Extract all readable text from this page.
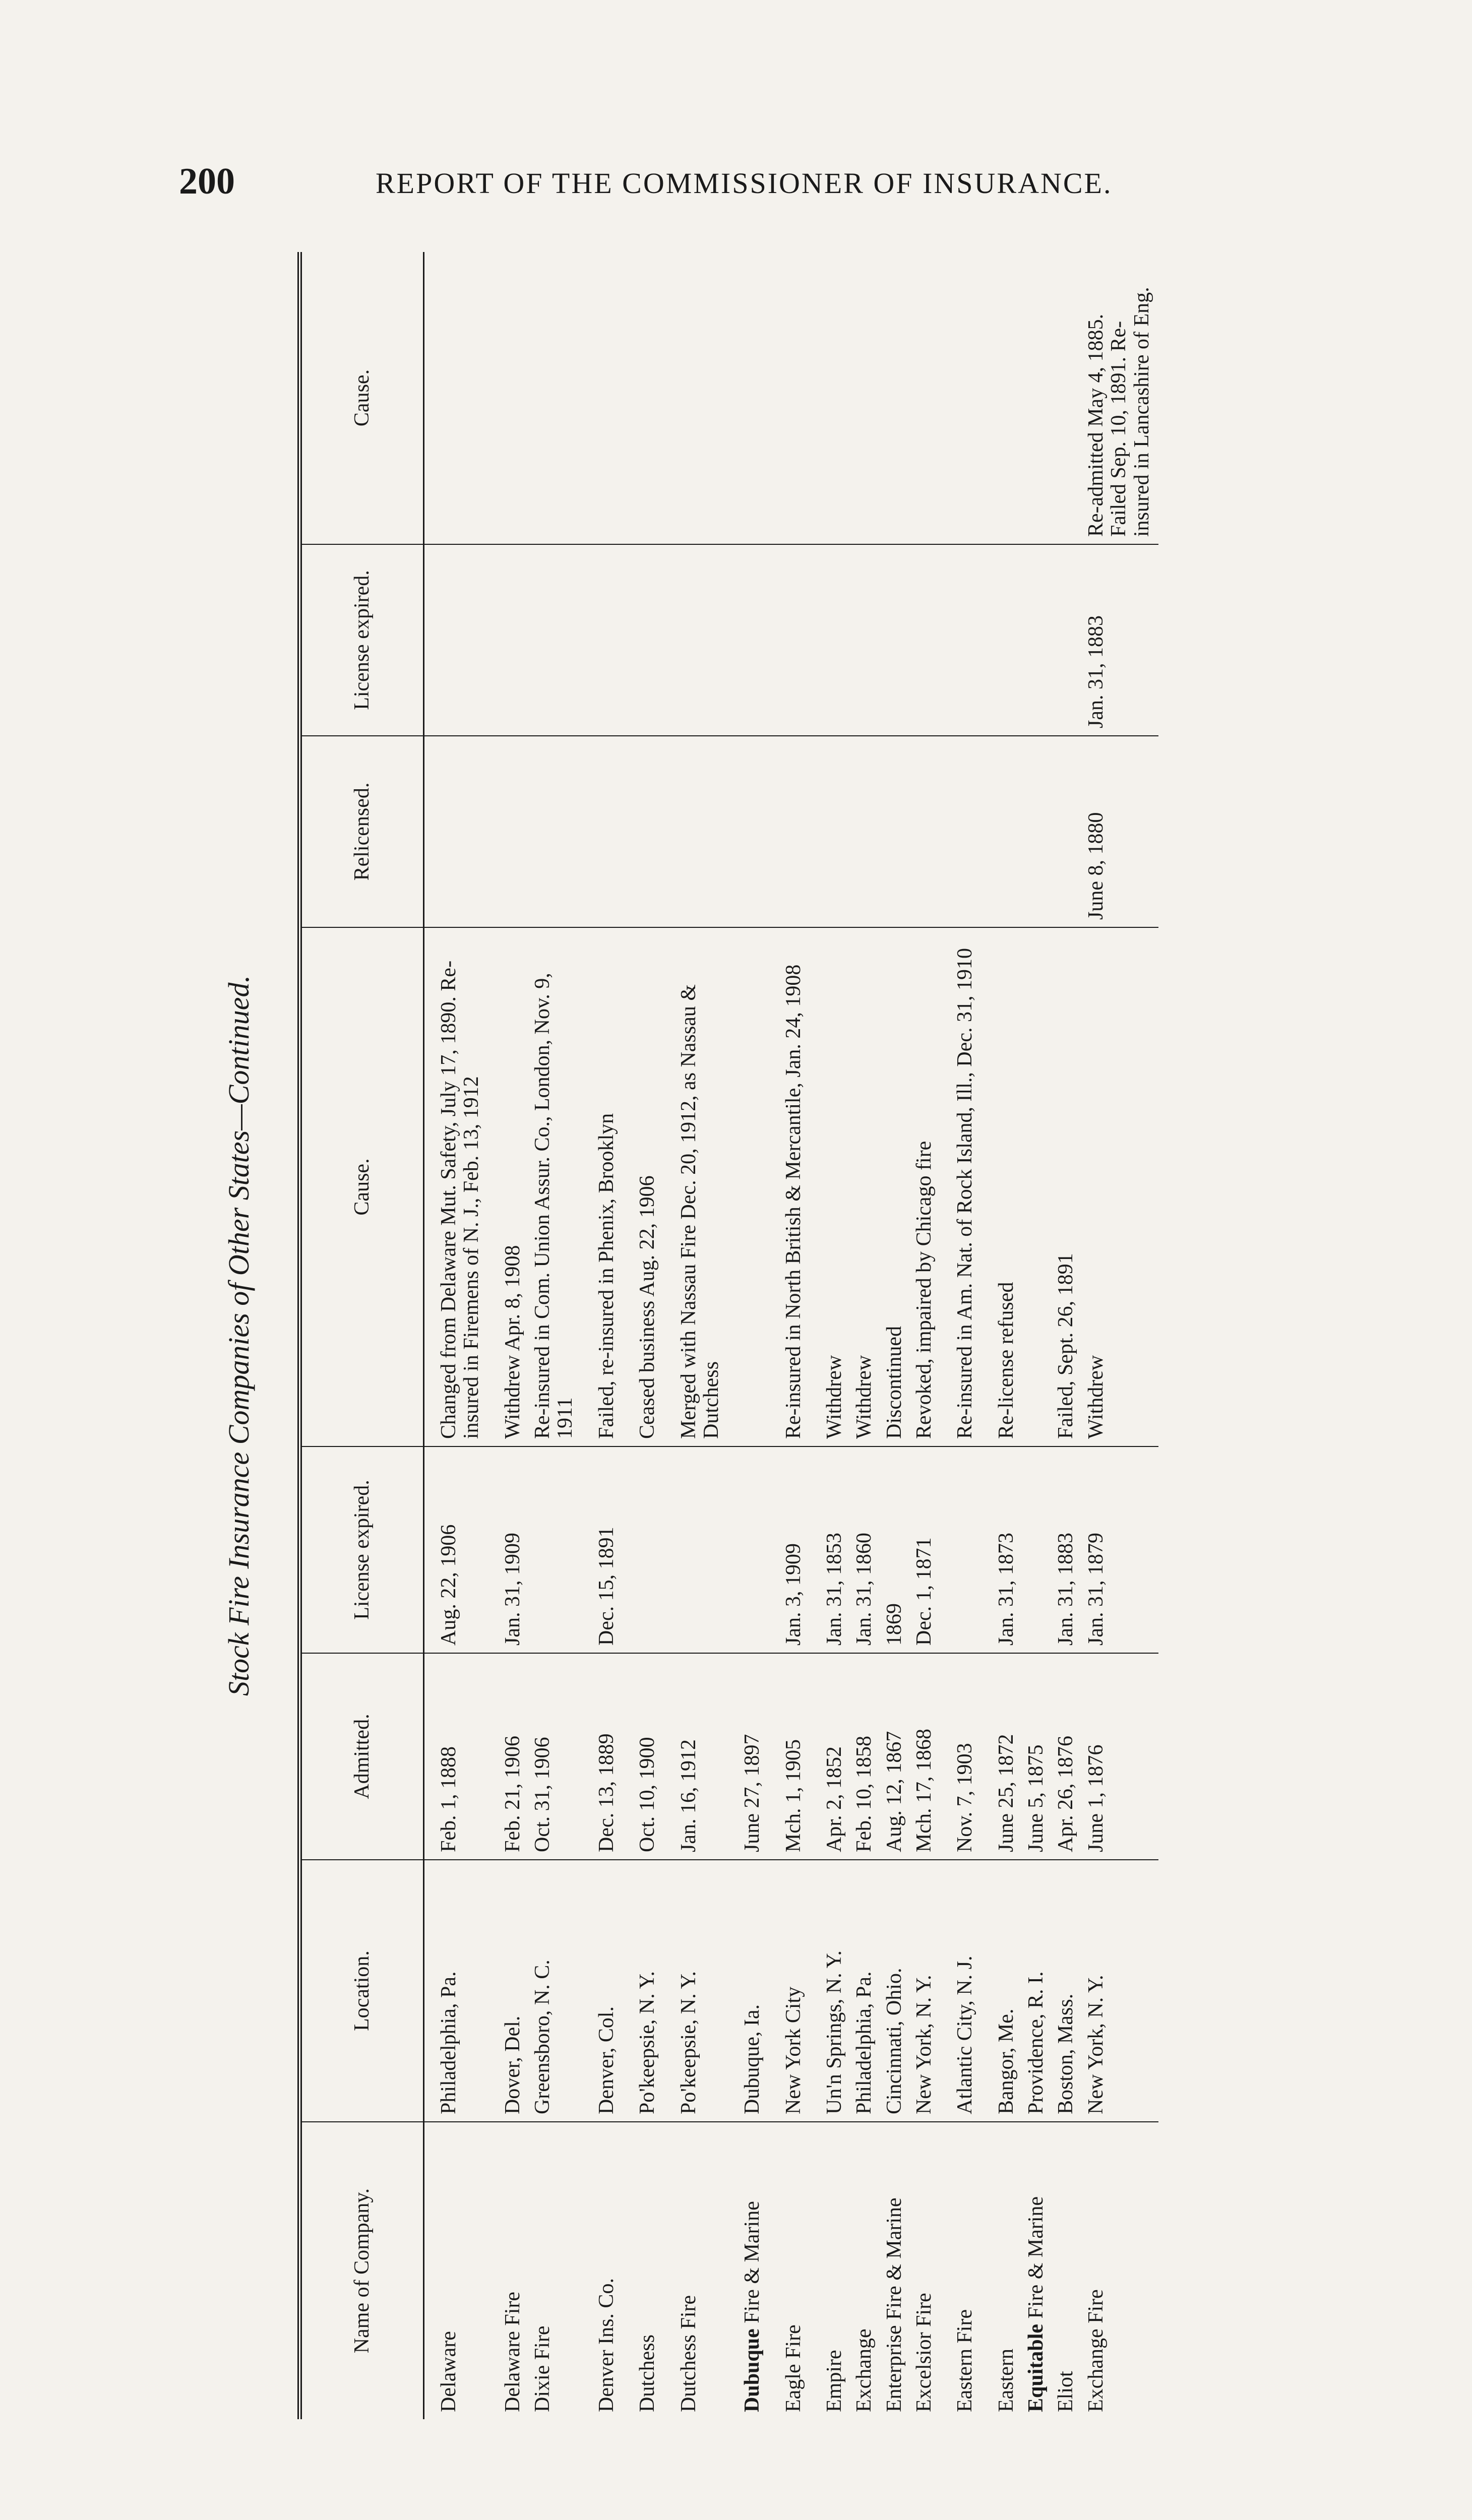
200	REPORT OF THE COMMISSIONER OF INSURANCE.
Stock Fire Insurance Companies of Other States—Continued.
Name of Company.	Location.	Admitted.	License expired.	Cause.	Relicensed.	License expired.	Cause.
Delaware	Philadelphia, Pa.	Feb. 1, 1888	Aug. 22, 1906	Changed from Delaware Mut. Safety, July 17, 1890. Re-insured in Firemens of N. J., Feb. 13, 1912			
Delaware Fire	Dover, Del.	Feb. 21, 1906	Jan. 31, 1909	Withdrew Apr. 8, 1908			
Dixie Fire	Greensboro, N. C.	Oct. 31, 1906		Re-insured in Com. Union Assur. Co., London, Nov. 9, 1911			
Denver Ins. Co.	Denver, Col.	Dec. 13, 1889	Dec. 15, 1891	Failed, re-insured in Phenix, Brooklyn			
Dutchess	Po'keepsie, N. Y.	Oct. 10, 1900		Ceased business Aug. 22, 1906			
Dutchess Fire	Po'keepsie, N. Y.	Jan. 16, 1912		Merged with Nassau Fire Dec. 20, 1912, as Nassau & Dutchess			
Dubuque Fire & Marine	Dubuque, Ia.	June 27, 1897					
Eagle Fire	New York City	Mch. 1, 1905	Jan. 3, 1909	Re-insured in North British & Mercantile, Jan. 24, 1908			
Empire	Un'n Springs, N. Y.	Apr. 2, 1852	Jan. 31, 1853	Withdrew			
Exchange	Philadelphia, Pa.	Feb. 10, 1858	Jan. 31, 1860	Withdrew			
Enterprise Fire & Marine	Cincinnati, Ohio.	Aug. 12, 1867	1869	Discontinued			
Excelsior Fire	New York, N. Y.	Mch. 17, 1868	Dec. 1, 1871	Revoked, impaired by Chicago fire			
Eastern Fire	Atlantic City, N. J.	Nov. 7, 1903		Re-insured in Am. Nat. of Rock Island, Ill., Dec. 31, 1910			
Eastern	Bangor, Me.	June 25, 1872	Jan. 31, 1873	Re-license refused			
Equitable Fire & Marine	Providence, R. I.	June 5, 1875					
Eliot	Boston, Mass.	Apr. 26, 1876	Jan. 31, 1883	Failed, Sept. 26, 1891			
Exchange Fire	New York, N. Y.	June 1, 1876	Jan. 31, 1879	Withdrew	June 8, 1880	Jan. 31, 1883	Re-admitted May 4, 1885. Failed Sep. 10, 1891. Re-insured in Lancashire of Eng.
